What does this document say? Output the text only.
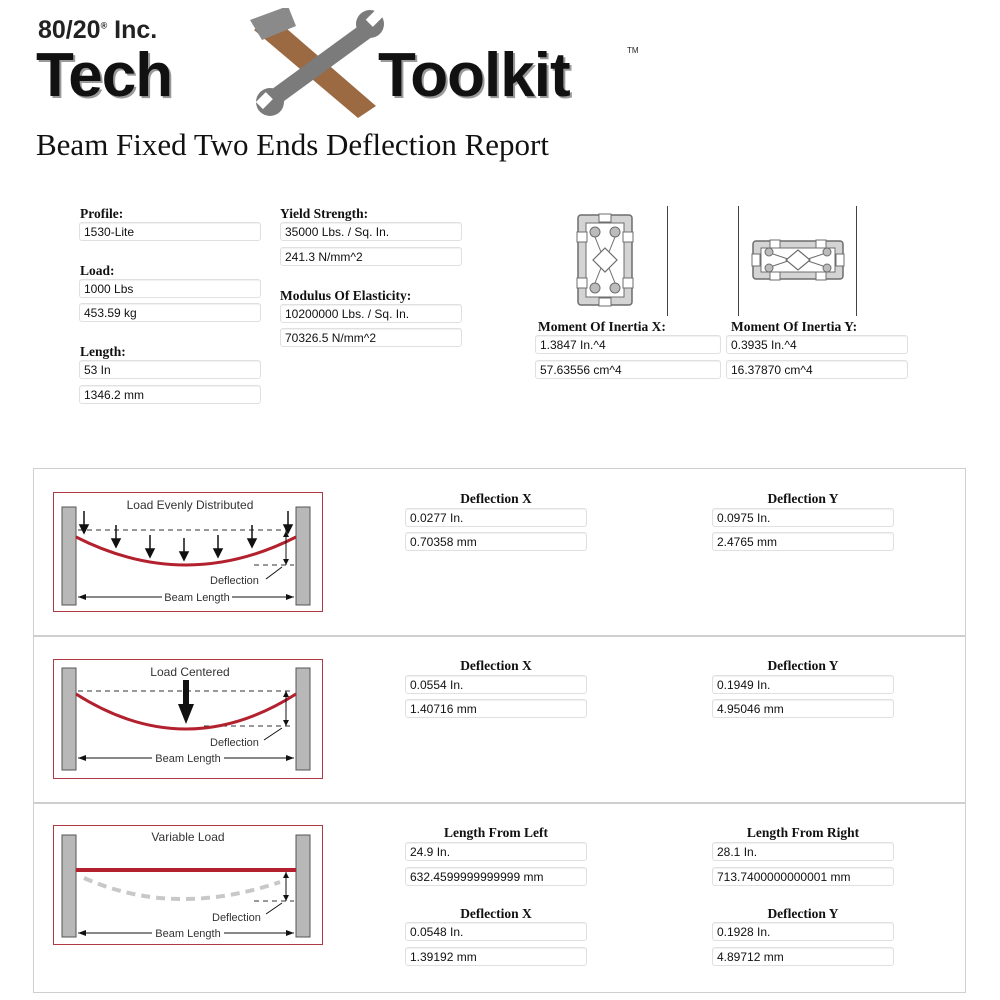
80/20® Inc.
Tech	Toolkit	TM
Beam Fixed Two Ends Deflection Report
Profile:
1530-Lite
Load:
1000 Lbs
453.59 kg
Length:
53 In
1346.2 mm
Yield Strength:
35000 Lbs. / Sq. In.
241.3 N/mm^2
Modulus Of Elasticity:
10200000 Lbs. / Sq. In.
70326.5 N/mm^2
Moment Of Inertia X:
1.3847 In.^4
57.63556 cm^4
Moment Of Inertia Y:
0.3935 In.^4
16.37870 cm^4
Load Evenly Distributed
Deflection
Beam Length
Deflection X
0.0277 In.
0.70358 mm
Deflection Y
0.0975 In.
2.4765 mm
Load Centered
Deflection
Beam Length
Deflection X
0.0554 In.
1.40716 mm
Deflection Y
0.1949 In.
4.95046 mm
Variable Load
Deflection
Beam Length
Length From Left
24.9 In.
632.4599999999999 mm
Length From Right
28.1 In.
713.7400000000001 mm
Deflection X
0.0548 In.
1.39192 mm
Deflection Y
0.1928 In.
4.89712 mm
